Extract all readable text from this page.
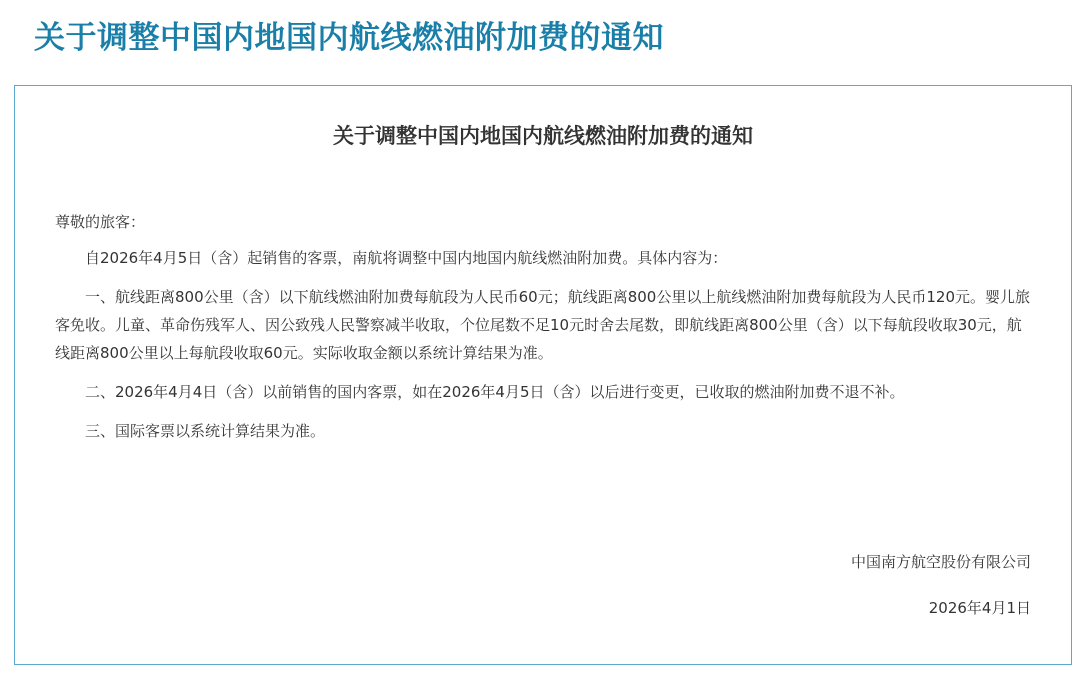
关于调整中国内地国内航线燃油附加费的通知
关于调整中国内地国内航线燃油附加费的通知

尊敬的旅客：

自2026年4月5日（含）起销售的客票，南航将调整中国内地国内航线燃油附加费。具体内容为：

一、航线距离800公里（含）以下航线燃油附加费每航段为人民币60元；航线距离800公里以上航线燃油附加费每航段为人民币120元。婴儿旅客免收。儿童、革命伤残军人、因公致残人民警察减半收取，个位尾数不足10元时舍去尾数，即航线距离800公里（含）以下每航段收取30元，航线距离800公里以上每航段收取60元。实际收取金额以系统计算结果为准。

二、2026年4月4日（含）以前销售的国内客票，如在2026年4月5日（含）以后进行变更，已收取的燃油附加费不退不补。

三、国际客票以系统计算结果为准。

中国南方航空股份有限公司
2026年4月1日
